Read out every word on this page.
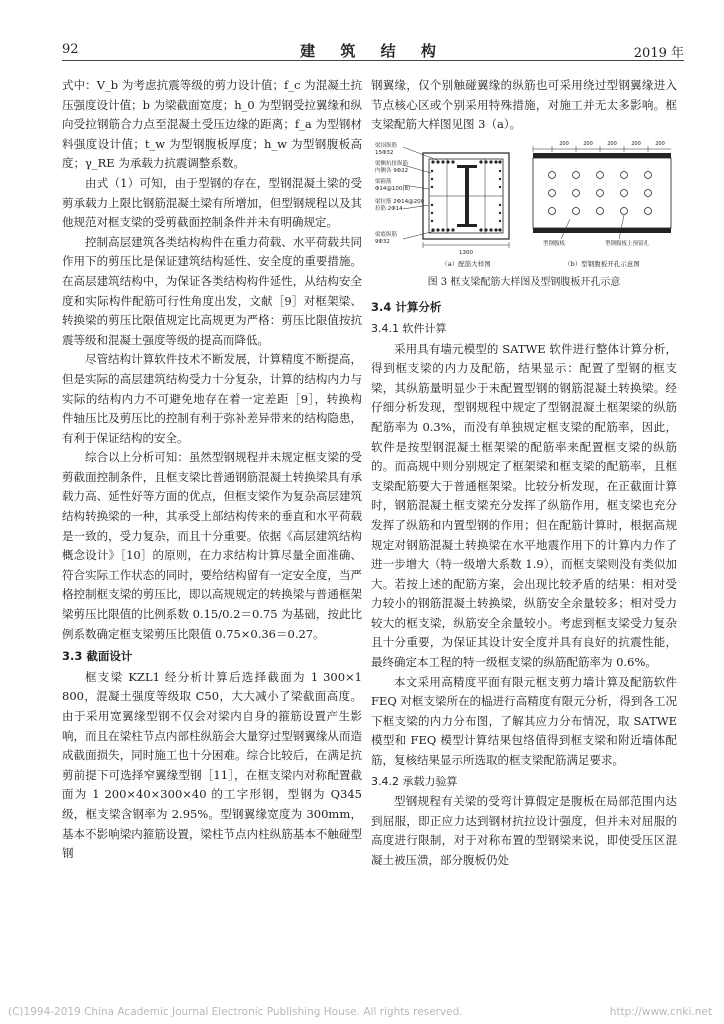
92	建 筑 结 构	2019 年

式中：V_b 为考虑抗震等级的剪力设计值；f_c 为混凝土抗压强度设计值；b 为梁截面宽度；h_0 为型钢受拉翼缘和纵向受拉钢筋合力点至混凝土受压边缘的距离；f_a 为型钢材料强度设计值；t_w 为型钢腹板厚度；h_w 为型钢腹板高度；γ_RE 为承载力抗震调整系数。

由式（1）可知，由于型钢的存在，型钢混凝土梁的受剪承载力上限比钢筋混凝土梁有所增加，但型钢规程以及其他规范对框支梁的受剪截面控制条件并未有明确规定。

控制高层建筑各类结构构件在重力荷载、水平荷载共同作用下的剪压比是保证建筑结构延性、安全度的重要措施。在高层建筑结构中，为保证各类结构构件延性，从结构安全度和实际构件配筋可行性角度出发，文献［9］对框架梁、转换梁的剪压比限值规定比高规更为严格：剪压比限值按抗震等级和混凝土强度等级的提高而降低。

尽管结构计算软件技术不断发展，计算精度不断提高，但是实际的高层建筑结构受力十分复杂，计算的结构内力与实际的结构内力不可避免地存在着一定差距［9］，转换构件轴压比及剪压比的控制有利于弥补差异带来的结构隐患，有利于保证结构的安全。

综合以上分析可知：虽然型钢规程并未规定框支梁的受剪截面控制条件，且框支梁比普通钢筋混凝土转换梁具有承载力高、延性好等方面的优点，但框支梁作为复杂高层建筑结构转换梁的一种，其承受上部结构传来的垂直和水平荷载是一致的，受力复杂，而且十分重要。依据《高层建筑结构概念设计》［10］的原则，在力求结构计算尽量全面准确、符合实际工作状态的同时，要给结构留有一定安全度，当严格控制框支梁的剪压比，即以高规规定的转换梁与普通框架梁剪压比限值的比例系数 0.15/0.2＝0.75 为基础，按此比例系数确定框支梁剪压比限值 0.75×0.36＝0.27。

3.3 截面设计

框支梁 KZL1 经分析计算后选择截面为 1 300×1 800，混凝土强度等级取 C50，大大减小了梁截面高度。由于采用宽翼缘型钢不仅会对梁内自身的箍筋设置产生影响，而且在梁柱节点内部柱纵筋会大量穿过型钢翼缘从而造成截面损失，同时施工也十分困难。综合比较后，在满足抗剪前提下可选择窄翼缘型钢［11］，在框支梁内对称配置截面为 1 200×40×300×40 的工字形钢，型钢为 Q345 级，框支梁含钢率为 2.95%。型钢翼缘宽度为 300mm，基本不影响梁内箍筋设置，梁柱节点内柱纵筋基本不触碰型钢

钢翼缘，仅个别触碰翼缘的纵筋也可采用绕过型钢翼缘进入节点核心区或个别采用特殊措施，对施工并无太多影响。框支梁配筋大样图见图 3（a）。

梁顶纵筋
15Φ32
梁侧抗扭纵筋
内侧各 9Φ22
梁箍筋
Φ14@100(8)
梁拉筋 2Φ14@200
拉筋 2Φ14
梁底纵筋
9Φ32
1300
（a）配筋大样图
200	200	200	200	200
型钢腹板	型钢腹板上预留孔
（b）型钢腹板开孔示意图
图 3 框支梁配筋大样图及型钢腹板开孔示意
3.4 计算分析
3.4.1 软件计算

采用具有墙元模型的 SATWE 软件进行整体计算分析，得到框支梁的内力及配筋，结果显示：配置了型钢的框支梁，其纵筋量明显少于未配置型钢的钢筋混凝土转换梁。经仔细分析发现，型钢规程中规定了型钢混凝土框架梁的纵筋配筋率为 0.3%，而没有单独规定框支梁的配筋率，因此，软件是按型钢混凝土框架梁的配筋率来配置框支梁的纵筋的。而高规中则分别规定了框架梁和框支梁的配筋率，且框支梁配筋要大于普通框架梁。比较分析发现，在正截面计算时，钢筋混凝土框支梁充分发挥了纵筋作用，框支梁也充分发挥了纵筋和内置型钢的作用；但在配筋计算时，根据高规规定对钢筋混凝土转换梁在水平地震作用下的计算内力作了进一步增大（特一级增大系数 1.9），而框支梁则没有类似加大。若按上述的配筋方案，会出现比较矛盾的结果：相对受力较小的钢筋混凝土转换梁，纵筋安全余量较多；相对受力较大的框支梁，纵筋安全余量较小。考虑到框支梁受力复杂且十分重要，为保证其设计安全度并具有良好的抗震性能，最终确定本工程的特一级框支梁的纵筋配筋率为 0.6%。

本文采用高精度平面有限元框支剪力墙计算及配筋软件 FEQ 对框支梁所在的榀进行高精度有限元分析，得到各工况下框支梁的内力分布图，了解其应力分布情况，取 SATWE 模型和 FEQ 模型计算结果包络值得到框支梁和附近墙体配筋，复核结果显示所选取的框支梁配筋满足要求。

3.4.2 承载力验算

型钢规程有关梁的受弯计算假定是腹板在局部范围内达到屈服，即正应力达到钢材抗拉设计强度，但并未对屈服的高度进行限制，对于对称布置的型钢梁来说，即使受压区混凝土被压溃，部分腹板仍处

(C)1994-2019 China Academic Journal Electronic Publishing House. All rights reserved.	http://www.cnki.net
